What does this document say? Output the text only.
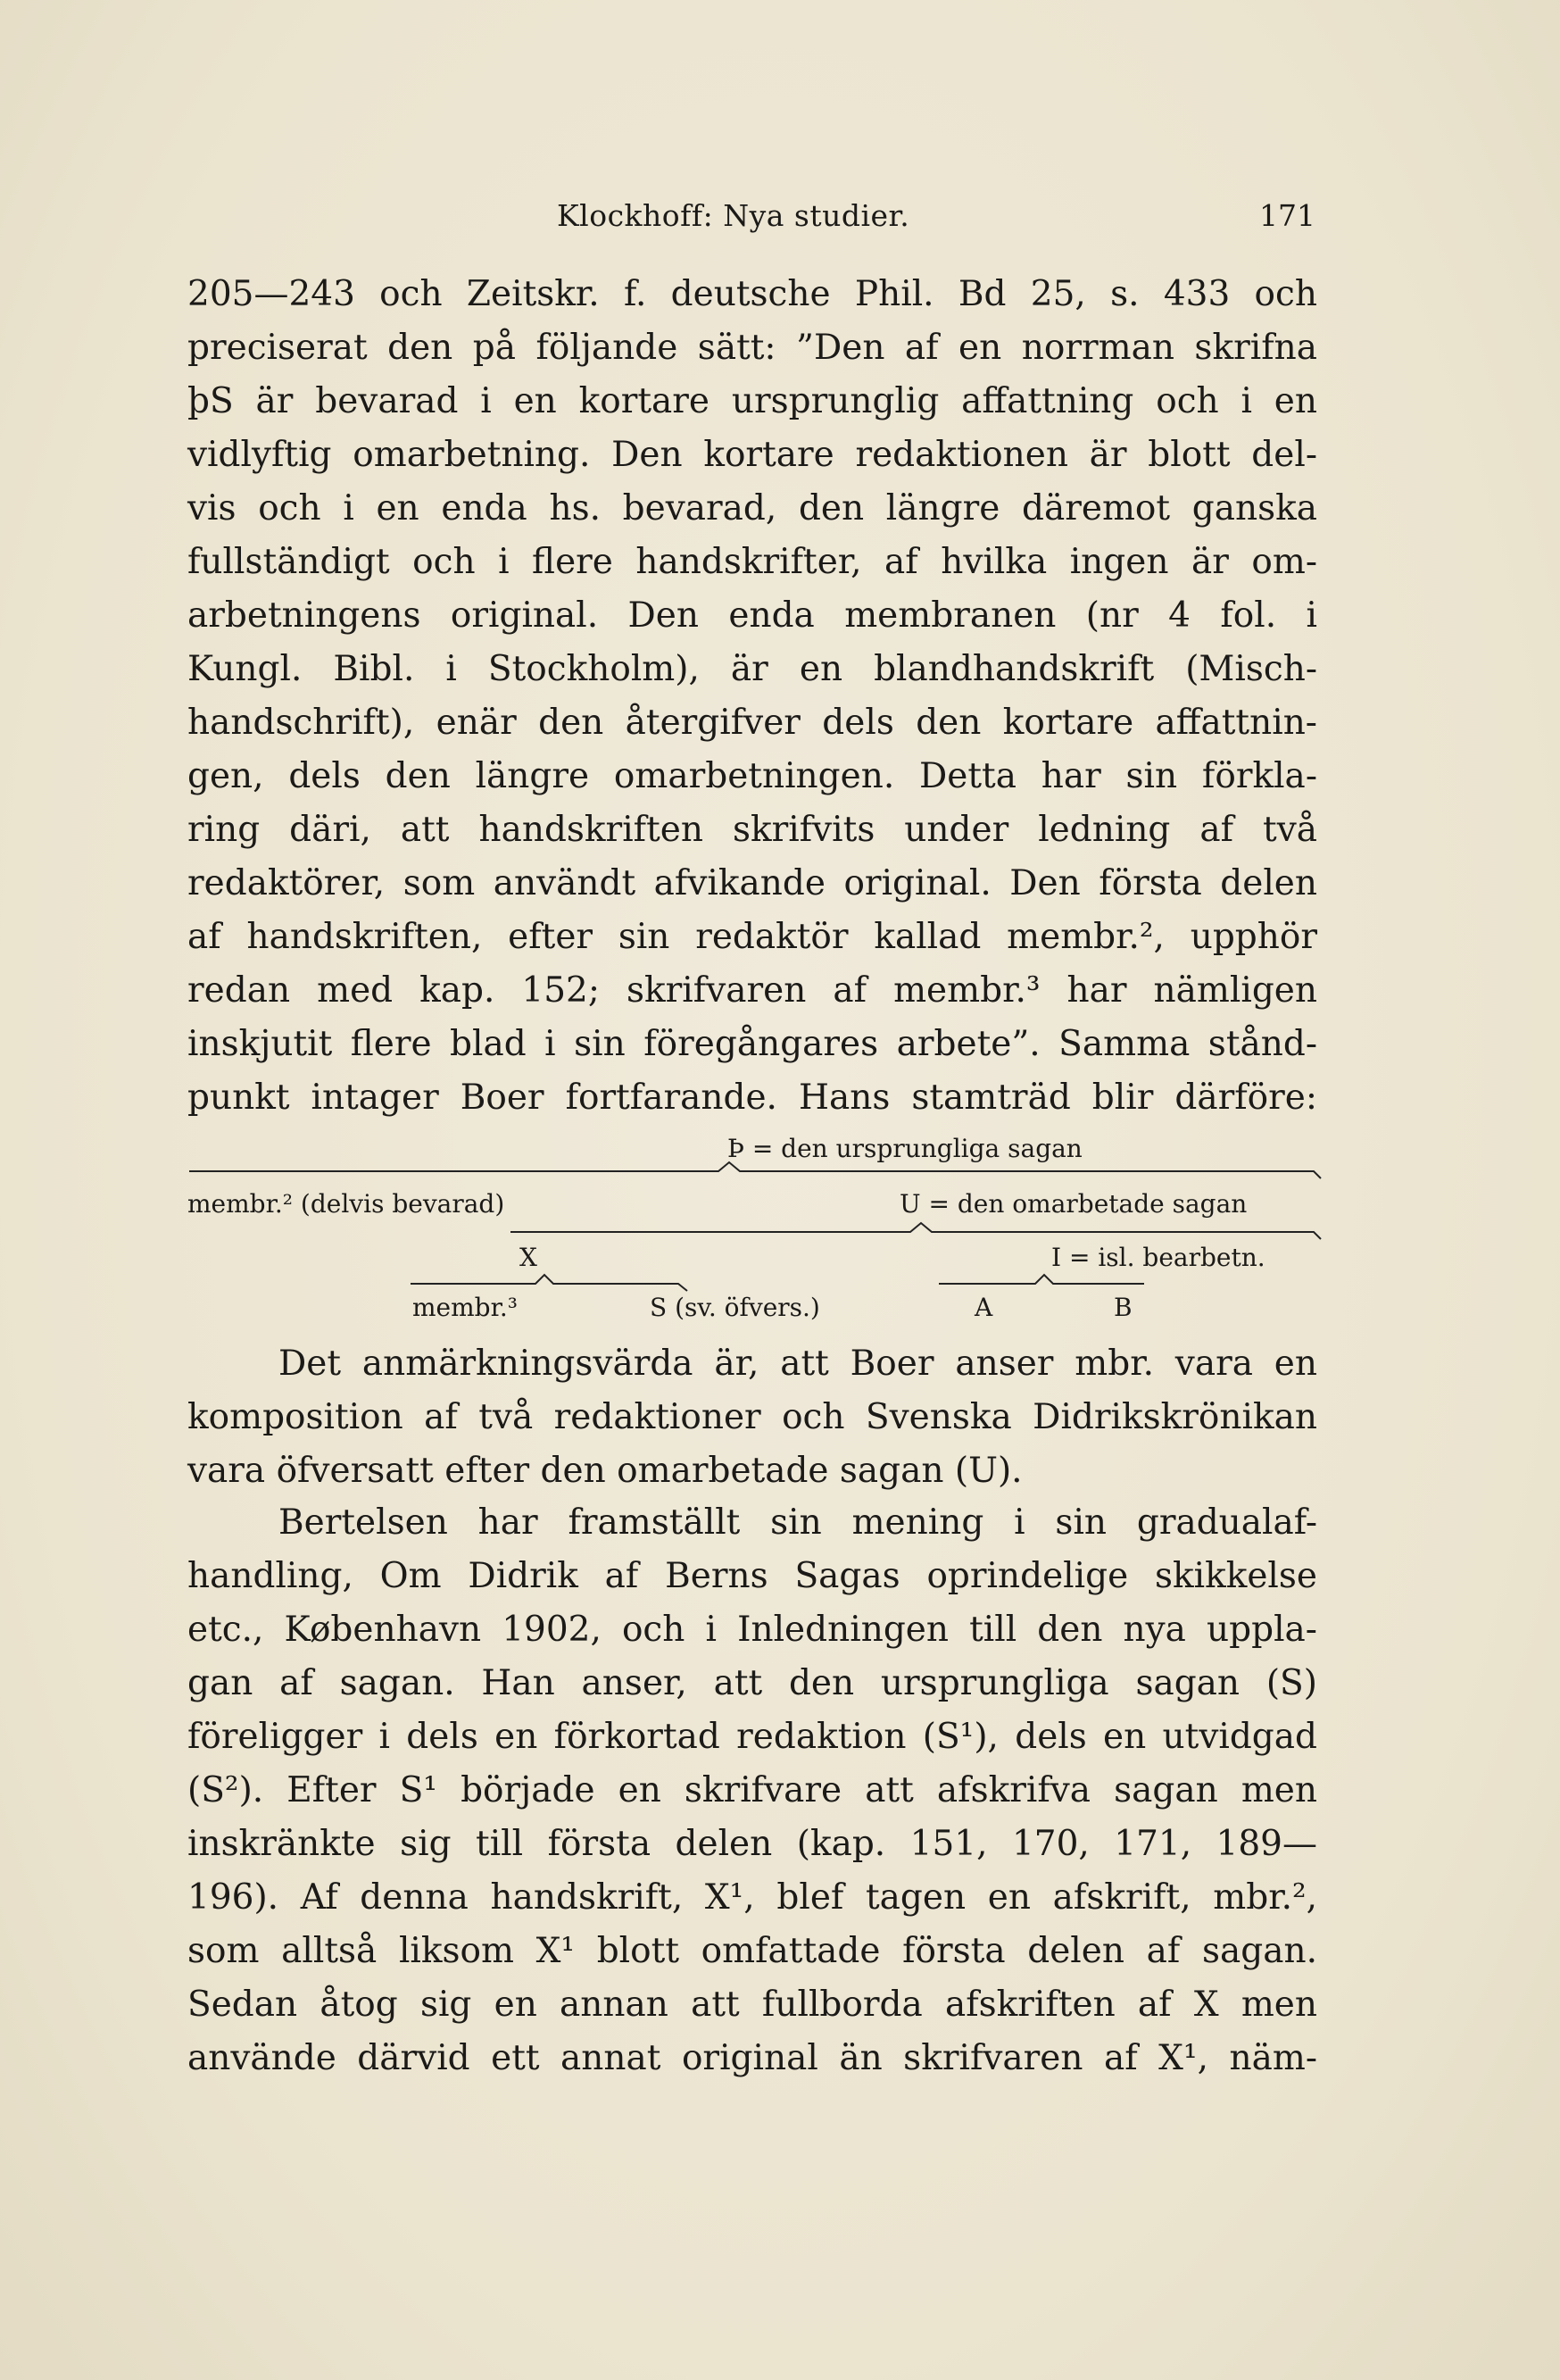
Klockhoff: Nya studier.	171
205—243 och Zeitskr. f. deutsche Phil. Bd 25, s. 433 och
preciserat den på följande sätt: ”Den af en norrman skrifna
þS är bevarad i en kortare ursprunglig affattning och i en
vidlyftig omarbetning. Den kortare redaktionen är blott del-
vis och i en enda hs. bevarad, den längre däremot ganska
fullständigt och i flere handskrifter, af hvilka ingen är om-
arbetningens original. Den enda membranen (nr 4 fol. i
Kungl. Bibl. i Stockholm), är en blandhandskrift (Misch-
handschrift), enär den återgifver dels den kortare affattnin-
gen, dels den längre omarbetningen. Detta har sin förkla-
ring däri, att handskriften skrifvits under ledning af två
redaktörer, som användt afvikande original. Den första delen
af handskriften, efter sin redaktör kallad membr.², upphör
redan med kap. 152; skrifvaren af membr.³ har nämligen
inskjutit flere blad i sin föregångares arbete”. Samma stånd-
punkt intager Boer fortfarande. Hans stamträd blir därföre:
Þ = den ursprungliga sagan
membr.² (delvis bevarad)	U = den omarbetade sagan
X	I = isl. bearbetn.
membr.³	S (sv. öfvers.)	A	B
Det anmärkningsvärda är, att Boer anser mbr. vara en
komposition af två redaktioner och Svenska Didrikskrönikan
vara öfversatt efter den omarbetade sagan (U).
Bertelsen har framställt sin mening i sin gradualaf-
handling, Om Didrik af Berns Sagas oprindelige skikkelse
etc., København 1902, och i Inledningen till den nya uppla-
gan af sagan. Han anser, att den ursprungliga sagan (S)
föreligger i dels en förkortad redaktion (S¹), dels en utvidgad
(S²). Efter S¹ började en skrifvare att afskrifva sagan men
inskränkte sig till första delen (kap. 151, 170, 171, 189—
196). Af denna handskrift, X¹, blef tagen en afskrift, mbr.²,
som alltså liksom X¹ blott omfattade första delen af sagan.
Sedan åtog sig en annan att fullborda afskriften af X men
använde därvid ett annat original än skrifvaren af X¹, näm-
